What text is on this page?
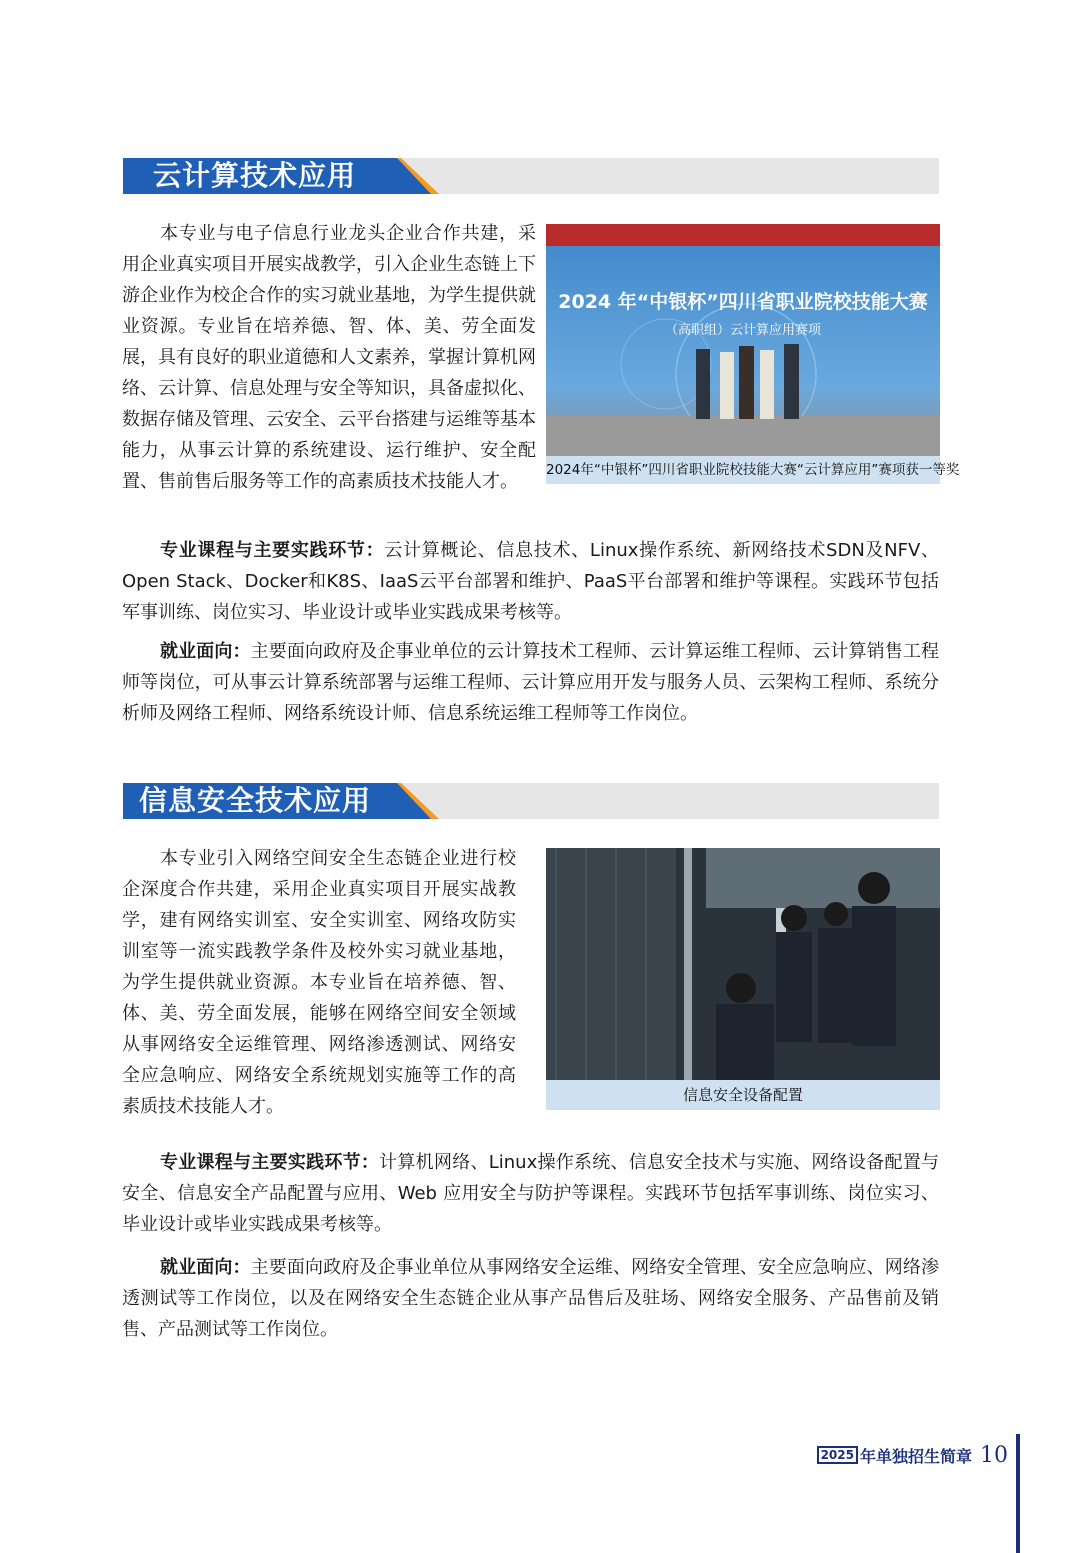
云计算技术应用

本专业与电子信息行业龙头企业合作共建，采用企业真实项目开展实战教学，引入企业生态链上下游企业作为校企合作的实习就业基地，为学生提供就业资源。专业旨在培养德、智、体、美、劳全面发展，具有良好的职业道德和人文素养，掌握计算机网络、云计算、信息处理与安全等知识，具备虚拟化、数据存储及管理、云安全、云平台搭建与运维等基本能力，从事云计算的系统建设、运行维护、安全配置、售前售后服务等工作的高素质技术技能人才。

2024 年“中银杯”四川省职业院校技能大赛
（高职组）云计算应用赛项
2024年“中银杯”四川省职业院校技能大赛“云计算应用”赛项获一等奖

专业课程与主要实践环节：云计算概论、信息技术、Linux操作系统、新网络技术SDN及NFV、Open Stack、Docker和K8S、IaaS云平台部署和维护、PaaS平台部署和维护等课程。实践环节包括军事训练、岗位实习、毕业设计或毕业实践成果考核等。

就业面向：主要面向政府及企事业单位的云计算技术工程师、云计算运维工程师、云计算销售工程师等岗位，可从事云计算系统部署与运维工程师、云计算应用开发与服务人员、云架构工程师、系统分析师及网络工程师、网络系统设计师、信息系统运维工程师等工作岗位。

信息安全技术应用

本专业引入网络空间安全生态链企业进行校企深度合作共建，采用企业真实项目开展实战教学，建有网络实训室、安全实训室、网络攻防实训室等一流实践教学条件及校外实习就业基地，为学生提供就业资源。本专业旨在培养德、智、体、美、劳全面发展，能够在网络空间安全领域从事网络安全运维管理、网络渗透测试、网络安全应急响应、网络安全系统规划实施等工作的高素质技术技能人才。

信息安全设备配置

专业课程与主要实践环节：计算机网络、Linux操作系统、信息安全技术与实施、网络设备配置与安全、信息安全产品配置与应用、Web 应用安全与防护等课程。实践环节包括军事训练、岗位实习、毕业设计或毕业实践成果考核等。

就业面向：主要面向政府及企事业单位从事网络安全运维、网络安全管理、安全应急响应、网络渗透测试等工作岗位，以及在网络安全生态链企业从事产品售后及驻场、网络安全服务、产品售前及销售、产品测试等工作岗位。

2025 年单独招生简章 10
